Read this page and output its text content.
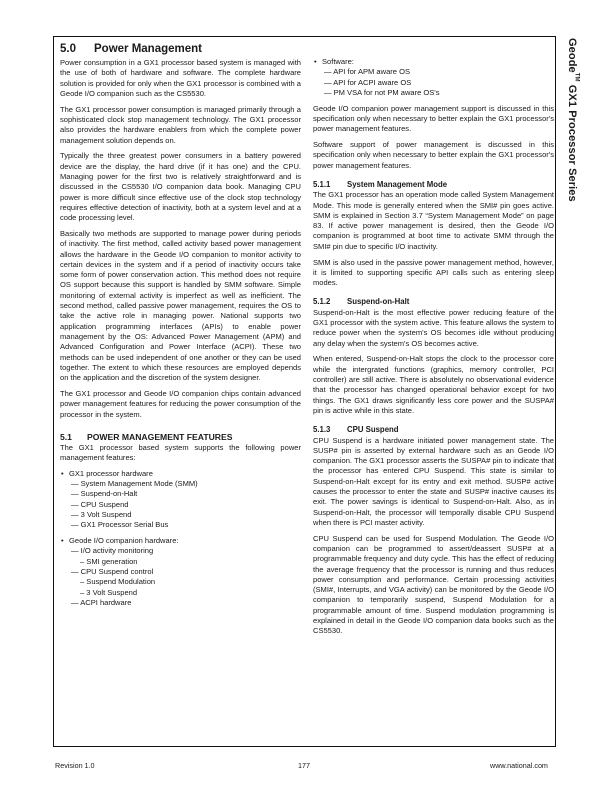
5.0 Power Management

Power consumption in a GX1 processor based system is managed with the use of both of hardware and software. The complete hardware solution is provided for only when the GX1 processor is combined with a Geode I/O companion such as the CS5530.

The GX1 processor power consumption is managed primarily through a sophisticated clock stop management technology. The GX1 processor also provides the hardware enablers from which the complete power management solution depends on.

Typically the three greatest power consumers in a battery powered device are the display, the hard drive (if it has one) and the CPU. Managing power for the first two is relatively straightforward and is discussed in the CS5530 I/O companion data book. Managing CPU power is more difficult since effective use of the clock stop technology requires effective detection of inactivity, both at a system level and at a code processing level.

Basically two methods are supported to manage power during periods of inactivity. The first method, called activity based power management allows the hardware in the Geode I/O companion to monitor activity to certain devices in the system and if a period of inactivity occurs take some form of power conservation action. This method does not require OS support because this support is handled by SMM software. Simple monitoring of external activity is imperfect as well as inefficient. The second method, called passive power management, requires the OS to take the active role in managing power. National supports two application programming interfaces (APIs) to enable power management by the OS: Advanced Power Management (APM) and Advanced Configuration and Power Interface (ACPI). These two methods can be used independent of one another or they can be used together. The extent to which these resources are employed depends on the application and the discretion of the system designer.

The GX1 processor and Geode I/O companion chips contain advanced power management features for reducing the power consumption of the processor in the system.

5.1 POWER MANAGEMENT FEATURES

The GX1 processor based system supports the following power management features:

• GX1 processor hardware
— System Management Mode (SMM)
— Suspend-on-Halt
— CPU Suspend
— 3 Volt Suspend
— GX1 Processor Serial Bus
• Geode I/O companion hardware:
— I/O activity monitoring
– SMI generation
— CPU Suspend control
– Suspend Modulation
– 3 Volt Suspend
— ACPI hardware
• Software:
— API for APM aware OS
— API for ACPI aware OS
— PM VSA for not PM aware OS's

Geode I/O companion power management support is discussed in this specification only when necessary to better explain the GX1 processor's power management features.

Software support of power management is discussed in this specification only when necessary to better explain the GX1 processor's power management features.

5.1.1 System Management Mode

The GX1 processor has an operation mode called System Management Mode. This mode is generally entered when the SMI# pin goes active. SMM is explained in Section 3.7 “System Management Mode” on page 83. If active power management is desired, then the Geode I/O companion is programmed at boot time to activate SMM through the SMI# pin due to specific I/O inactivity.

SMM is also used in the passive power management method, however, it is limited to supporting specific API calls such as entering sleep modes.

5.1.2 Suspend-on-Halt

Suspend-on-Halt is the most effective power reducing feature of the GX1 processor with the system active. This feature allows the system to reduce power when the system's OS becomes idle without producing any delay when the system's OS becomes active.

When entered, Suspend-on-Halt stops the clock to the processor core while the intergrated functions (graphics, memory controller, PCI controller) are still active. There is absolutely no observational evidence that the processor has changed operational behavior except for two things. The GX1 draws significantly less core power and the SUSPA# pin is active while in this state.

5.1.3 CPU Suspend

CPU Suspend is a hardware initiated power management state. The SUSP# pin is asserted by external hardware such as an Geode I/O companion. The GX1 processor asserts the SUSPA# pin to indicate that the processor has entered CPU Suspend. This state is similar to Suspend-on-Halt except for its entry and exit method. SUSP# active causes the processor to enter the state and SUSP# inactive causes its exit. The power savings is identical to Suspend-on-Halt. Also, as in Suspend-on-Halt, the processor will temporally disable CPU Suspend when there is PCI master activity.

CPU Suspend can be used for Suspend Modulation. The Geode I/O companion can be programmed to assert/deassert SUSP# at a programmable frequency and duty cycle. This has the effect of reducing the average frequency that the processor is running and thus reduces power consumption and performance. Certain processing activities (SMI#, Interrupts, and VGA activity) can be monitored by the Geode I/O companion to temporarily suspend, Suspend Modulation for a programmable amount of time. Suspend modulation programming is explained in detail in the Geode I/O companion data books such as the CS5530.

Geode™ GX1 Processor Series
Revision 1.0	177	www.national.com
